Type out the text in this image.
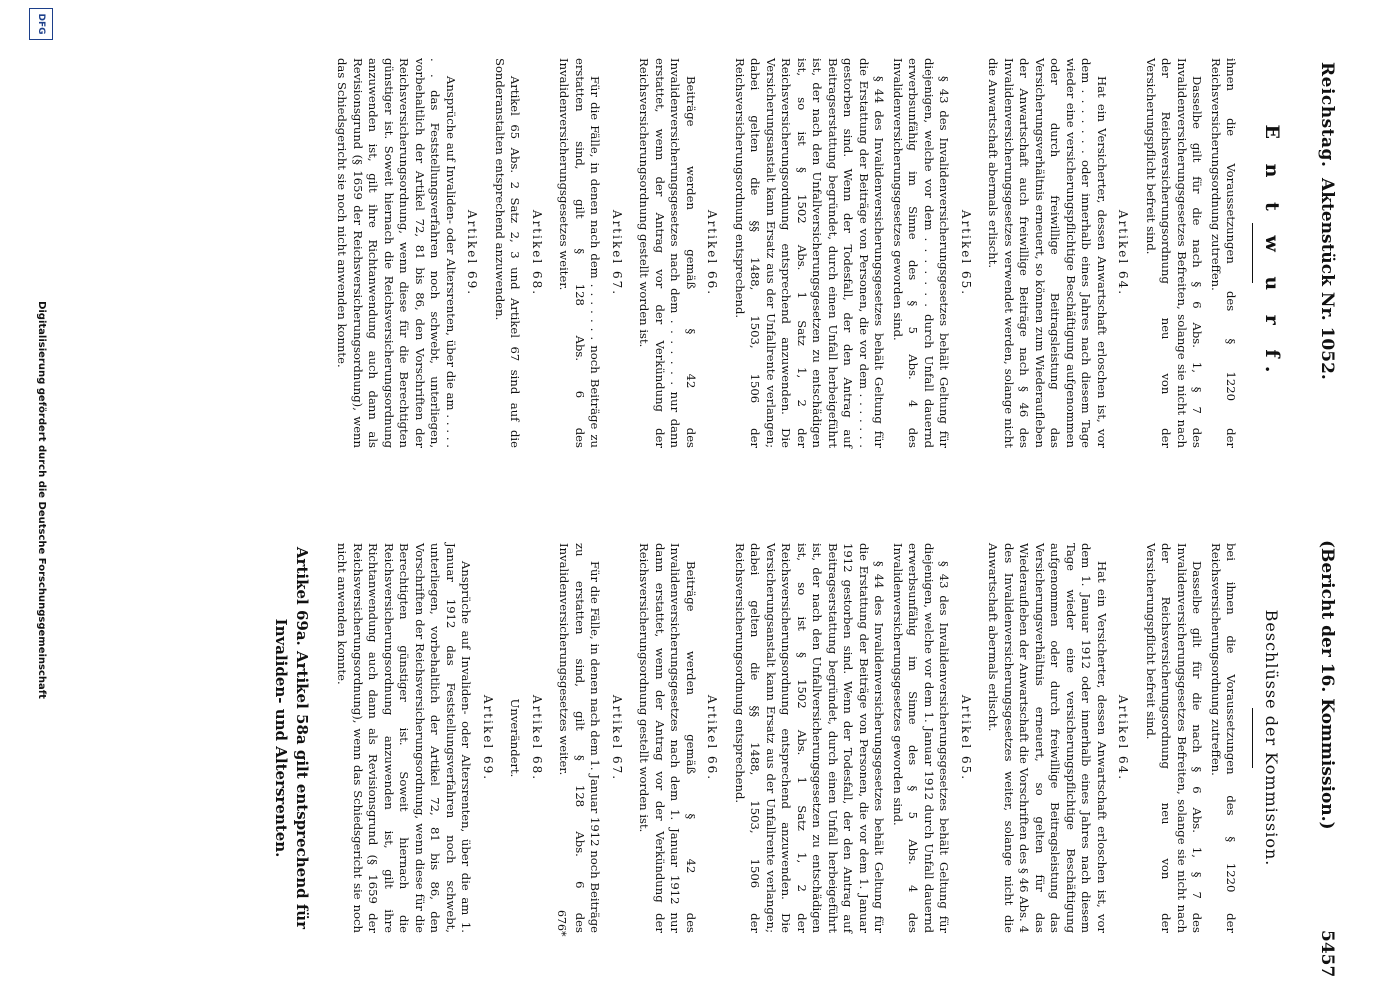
Reichstag.
Aktenstück Nr. 1052.
(Bericht der 16. Kommission.)
5457
E n t w u r f.
ihnen die Voraussetzungen des § 1220 der Reichsversicherungsordnung zutreffen.
Dasselbe gilt für die nach § 6 Abs. 1, § 7 des Invalidenversicherungsgesetzes Befreiten, solange sie nicht nach der Reichsversicherungsordnung neu von der Versicherungspflicht befreit sind.
Artikel 64.
Hat ein Versicherter, dessen Anwartschaft erloschen ist, vor dem . . . . . . . oder innerhalb eines Jahres nach diesem Tage wieder eine versicherungspflichtige Beschäftigung aufgenommen oder durch freiwillige Beitragsleistung das Versicherungsverhältnis erneuert, so können zum Wiederaufleben der Anwartschaft auch freiwillige Beiträge nach § 46 des Invalidenversicherungsgesetzes verwendet werden, solange nicht die Anwartschaft abermals erlischt.
Artikel 65.
§ 43 des Invalidenversicherungsgesetzes behält Geltung für diejenigen, welche vor dem . . . . . . . durch Unfall dauernd erwerbsunfähig im Sinne des § 5 Abs. 4 des Invalidenversicherungsgesetzes geworden sind.
§ 44 des Invalidenversicherungsgesetzes behält Geltung für die Erstattung der Beiträge von Personen, die vor dem . . . . . . . gestorben sind. Wenn der Todesfall, der den Antrag auf Beitragserstattung begründet, durch einen Unfall herbeigeführt ist, der nach den Unfallversicherungsgesetzen zu entschädigen ist, so ist § 1502 Abs. 1 Satz 1, 2 der Reichsversicherungsordnung entsprechend anzuwenden. Die Versicherungsanstalt kann Ersatz aus der Unfallrente verlangen; dabei gelten die §§ 1488, 1503, 1506 der Reichsversicherungsordnung entsprechend.
Artikel 66.
Beiträge werden gemäß § 42 des Invalidenversicherungsgesetzes nach dem . . . . . . . nur dann erstattet, wenn der Antrag vor der Verkündung der Reichsversicherungsordnung gestellt worden ist.
Artikel 67.
Für die Fälle, in denen nach dem . . . . . . . noch Beiträge zu erstatten sind, gilt § 128 Abs. 6 des Invalidenversicherungsgesetzes weiter.
Artikel 68.
Artikel 65 Abs. 2 Satz 2, 3 und Artikel 67 sind auf die Sonderanstalten entsprechend anzuwenden.
Artikel 69.
Ansprüche auf Invaliden- oder Altersrenten, über die am . . . . . . . das Feststellungsverfahren noch schwebt, unterliegen, vorbehaltlich der Artikel 72, 81 bis 86, den Vorschriften der Reichsversicherungsordnung, wenn diese für die Berechtigten günstiger ist. Soweit hiernach die Reichsversicherungsordnung anzuwenden ist, gilt ihre Richtanwendung auch dann als Revisionsgrund (§ 1659 der Reichsversicherungsordnung), wenn das Schiedsgericht sie noch nicht anwenden konnte.
Beschlüsse der Kommission.
bei ihnen die Voraussetzungen des § 1220 der Reichsversicherungsordnung zutreffen.
Dasselbe gilt für die nach § 6 Abs. 1, § 7 des Invalidenversicherungsgesetzes Befreiten, solange sie nicht nach der Reichsversicherungsordnung neu von der Versicherungspflicht befreit sind.
Artikel 64.
Hat ein Versicherter, dessen Anwartschaft erloschen ist, vor dem 1. Januar 1912 oder innerhalb eines Jahres nach diesem Tage wieder eine versicherungspflichtige Beschäftigung aufgenommen oder durch freiwillige Beitragsleistung das Versicherungsverhältnis erneuert, so gelten für das Wiederaufleben der Anwartschaft die Vorschriften des § 46 Abs. 4 des Invalidenversicherungsgesetzes weiter, solange nicht die Anwartschaft abermals erlischt.
Artikel 65.
§ 43 des Invalidenversicherungsgesetzes behält Geltung für diejenigen, welche vor dem 1. Januar 1912 durch Unfall dauernd erwerbsunfähig im Sinne des § 5 Abs. 4 des Invalidenversicherungsgesetzes geworden sind.
§ 44 des Invalidenversicherungsgesetzes behält Geltung für die Erstattung der Beiträge von Personen, die vor dem 1. Januar 1912 gestorben sind. Wenn der Todesfall, der den Antrag auf Beitragserstattung begründet, durch einen Unfall herbeigeführt ist, der nach den Unfallversicherungsgesetzen zu entschädigen ist, so ist § 1502 Abs. 1 Satz 1, 2 der Reichsversicherungsordnung entsprechend anzuwenden. Die Versicherungsanstalt kann Ersatz aus der Unfallrente verlangen; dabei gelten die §§ 1488, 1503, 1506 der Reichsversicherungsordnung entsprechend.
Artikel 66.
Beiträge werden gemäß § 42 des Invalidenversicherungsgesetzes nach dem 1. Januar 1912 nur dann erstattet, wenn der Antrag vor der Verkündung der Reichsversicherungsordnung gestellt worden ist.
Artikel 67.
Für die Fälle, in denen nach dem 1. Januar 1912 noch Beiträge zu erstatten sind, gilt § 128 Abs. 6 des Invalidenversicherungsgesetzes weiter.
Artikel 68.
Unverändert.
Artikel 69.
Ansprüche auf Invaliden- oder Altersrenten, über die am 1. Januar 1912 das Feststellungsverfahren noch schwebt, unterliegen, vorbehaltlich der Artikel 72, 81 bis 86, den Vorschriften der Reichsversicherungsordnung, wenn diese für die Berechtigten günstiger ist. Soweit hiernach die Reichsversicherungsordnung anzuwenden ist, gilt ihre Richtanwendung auch dann als Revisionsgrund (§ 1659 der Reichsversicherungsordnung), wenn das Schiedsgericht sie noch nicht anwenden konnte.
Artikel 69a. Artikel 58a gilt entsprechend für Invaliden- und Altersrenten.
676*
DFG
Digitalisierung gefördert durch die Deutsche Forschungsgemeinschaft
